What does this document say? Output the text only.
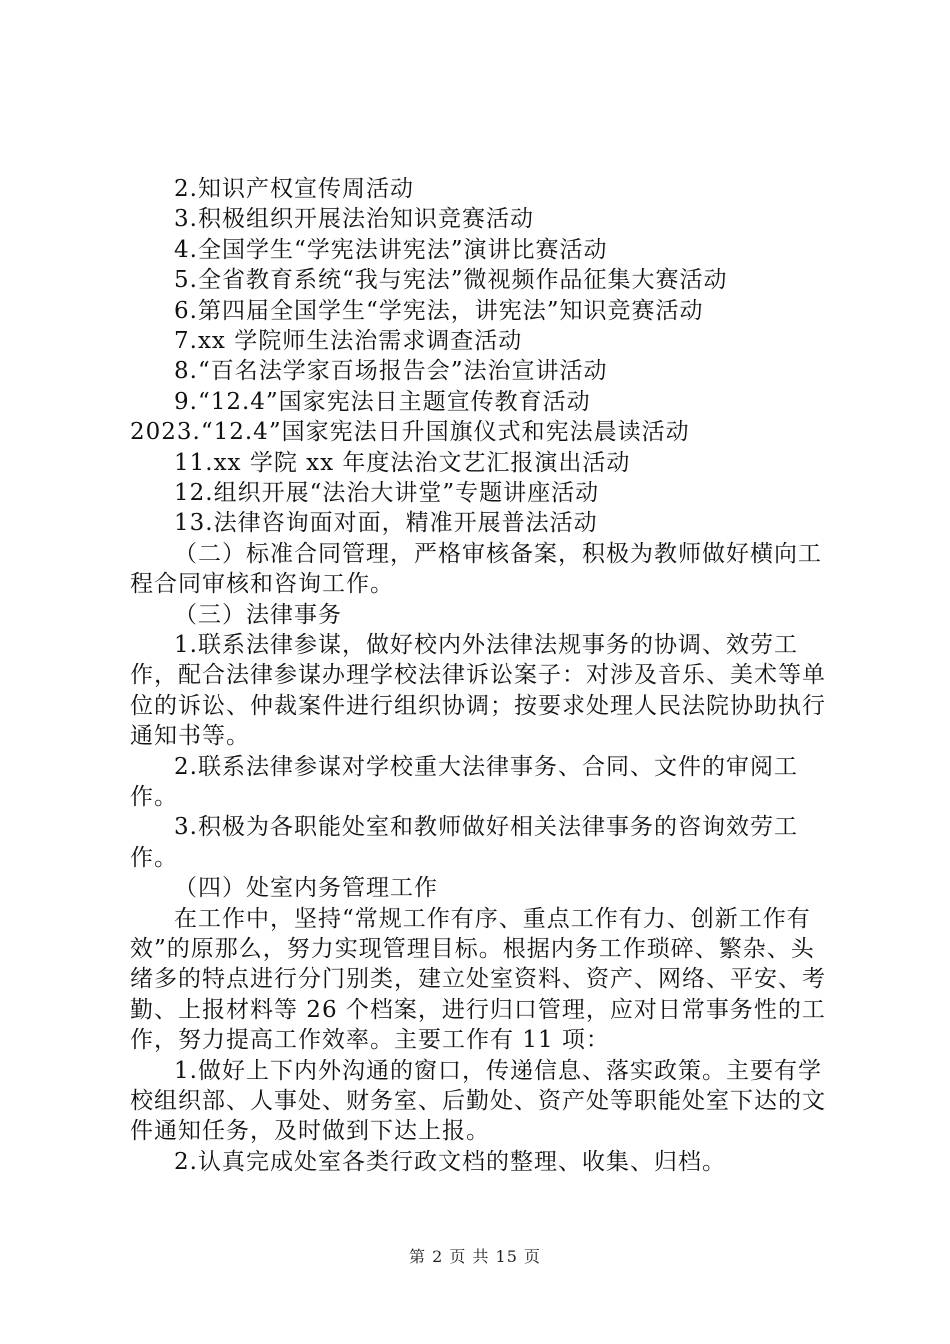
2.知识产权宣传周活动
3.积极组织开展法治知识竞赛活动
4.全国学生“学宪法讲宪法”演讲比赛活动
5.全省教育系统“我与宪法”微视频作品征集大赛活动
6.第四届全国学生“学宪法，讲宪法”知识竞赛活动
7.xx 学院师生法治需求调查活动
8.“百名法学家百场报告会”法治宣讲活动
9.“12.4”国家宪法日主题宣传教育活动
2023.“12.4”国家宪法日升国旗仪式和宪法晨读活动
11.xx 学院 xx 年度法治文艺汇报演出活动
12.组织开展“法治大讲堂”专题讲座活动
13.法律咨询面对面，精准开展普法活动
（二）标准合同管理，严格审核备案，积极为教师做好横向工程合同审核和咨询工作。
（三）法律事务
1.联系法律参谋，做好校内外法律法规事务的协调、效劳工作，配合法律参谋办理学校法律诉讼案子：对涉及音乐、美术等单位的诉讼、仲裁案件进行组织协调；按要求处理人民法院协助执行通知书等。
2.联系法律参谋对学校重大法律事务、合同、文件的审阅工作。
3.积极为各职能处室和教师做好相关法律事务的咨询效劳工作。
（四）处室内务管理工作
在工作中，坚持“常规工作有序、重点工作有力、创新工作有效”的原那么，努力实现管理目标。根据内务工作琐碎、繁杂、头绪多的特点进行分门别类，建立处室资料、资产、网络、平安、考勤、上报材料等 26 个档案，进行归口管理，应对日常事务性的工作，努力提高工作效率。主要工作有 11 项：
1.做好上下内外沟通的窗口，传递信息、落实政策。主要有学校组织部、人事处、财务室、后勤处、资产处等职能处室下达的文件通知任务，及时做到下达上报。
2.认真完成处室各类行政文档的整理、收集、归档。
第 2 页 共 15 页
